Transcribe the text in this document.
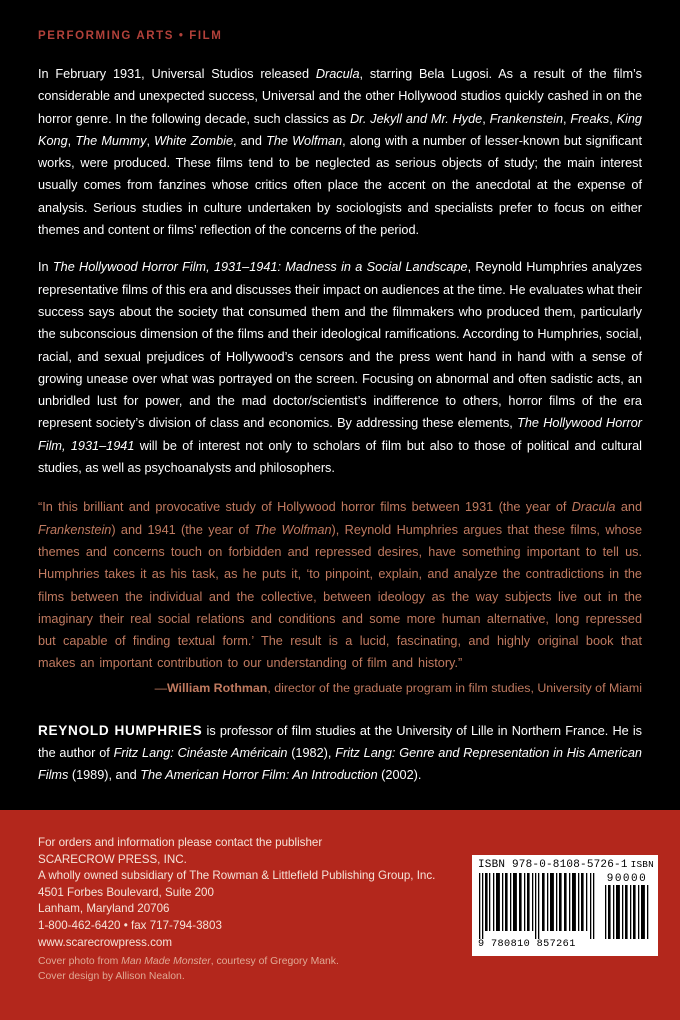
PERFORMING ARTS • FILM
In February 1931, Universal Studios released Dracula, starring Bela Lugosi. As a result of the film’s considerable and unexpected success, Universal and the other Hollywood studios quickly cashed in on the horror genre. In the following decade, such classics as Dr. Jekyll and Mr. Hyde, Frankenstein, Freaks, King Kong, The Mummy, White Zombie, and The Wolfman, along with a number of lesser-known but significant works, were produced. These films tend to be neglected as serious objects of study; the main interest usually comes from fanzines whose critics often place the accent on the anecdotal at the expense of analysis. Serious studies in culture undertaken by sociologists and specialists prefer to focus on either themes and content or films’ reflection of the concerns of the period.
In The Hollywood Horror Film, 1931–1941: Madness in a Social Landscape, Reynold Humphries analyzes representative films of this era and discusses their impact on audiences at the time. He evaluates what their success says about the society that consumed them and the filmmakers who produced them, particularly the subconscious dimension of the films and their ideological ramifications. According to Humphries, social, racial, and sexual prejudices of Hollywood’s censors and the press went hand in hand with a sense of growing unease over what was portrayed on the screen. Focusing on abnormal and often sadistic acts, an unbridled lust for power, and the mad doctor/scientist’s indifference to others, horror films of the era represent society’s division of class and economics. By addressing these elements, The Hollywood Horror Film, 1931–1941 will be of interest not only to scholars of film but also to those of political and cultural studies, as well as psychoanalysts and philosophers.
“In this brilliant and provocative study of Hollywood horror films between 1931 (the year of Dracula and Frankenstein) and 1941 (the year of The Wolfman), Reynold Humphries argues that these films, whose themes and concerns touch on forbidden and repressed desires, have something important to tell us. Humphries takes it as his task, as he puts it, ‘to pinpoint, explain, and analyze the contradictions in the films between the individual and the collective, between ideology as the way subjects live out in the imaginary their real social relations and conditions and some more human alternative, long repressed but capable of finding textual form.’ The result is a lucid, fascinating, and highly original book that makes an important contribution to our understanding of film and history.”
—William Rothman, director of the graduate program in film studies, University of Miami
REYNOLD HUMPHRIES is professor of film studies at the University of Lille in Northern France. He is the author of Fritz Lang: Cinéaste Américain (1982), Fritz Lang: Genre and Representation in His American Films (1989), and The American Horror Film: An Introduction (2002).
For orders and information please contact the publisher
SCARECROW PRESS, INC.
A wholly owned subsidiary of The Rowman & Littlefield Publishing Group, Inc.
4501 Forbes Boulevard, Suite 200
Lanham, Maryland 20706
1-800-462-6420 • fax 717-794-3803
www.scarecrowpress.com
Cover photo from Man Made Monster, courtesy of Gregory Mank.
Cover design by Allison Nealon.
ISBN 978-0-8108-5726-1 ISBN
9 780810 857261
90000
